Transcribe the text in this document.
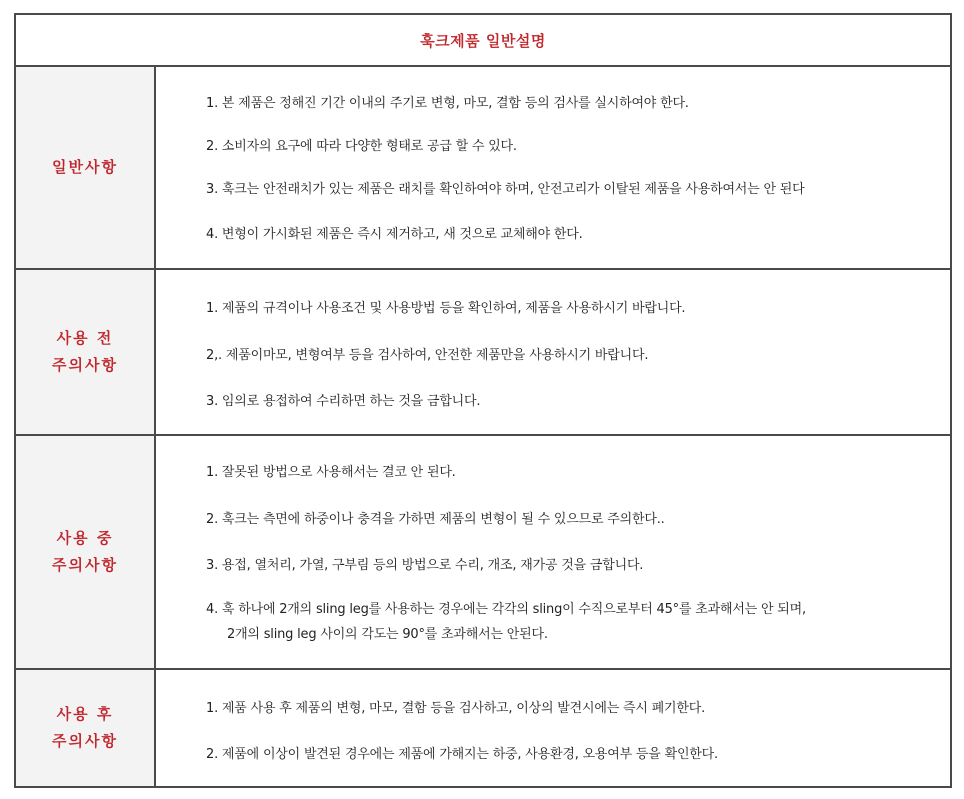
훅크제품 일반설명
일반사항
1. 본 제품은 정해진 기간 이내의 주기로 변형, 마모, 결함 등의 검사를 실시하여야 한다.
2. 소비자의 요구에 따라 다양한 형태로 공급 할 수 있다.
3. 훅크는 안전래치가 있는 제품은 래치를 확인하여야 하며, 안전고리가 이탈된 제품을 사용하여서는 안 된다
4. 변형이 가시화된 제품은 즉시 제거하고, 새 것으로 교체해야 한다.
사용 전
주의사항
1. 제품의 규격이나 사용조건 및 사용방법 등을 확인하여, 제품을 사용하시기 바랍니다.
2,. 제품이마모, 변형여부 등을 검사하여, 안전한 제품만을 사용하시기 바랍니다.
3. 임의로 용접하여 수리하면 하는 것을 금합니다.
사용 중
주의사항
1. 잘못된 방법으로 사용해서는 결코 안 된다.
2. 훅크는 측면에 하중이나 충격을 가하면 제품의 변형이 될 수 있으므로 주의한다..
3. 용접, 열처리, 가열, 구부림 등의 방법으로 수리, 개조, 재가공 것을 금합니다.
4. 훅 하나에 2개의 sling leg를 사용하는 경우에는 각각의 sling이 수직으로부터 45°를 초과해서는 안 되며,
2개의 sling leg 사이의 각도는 90°를 초과해서는 안된다.
사용 후
주의사항
1. 제품 사용 후 제품의 변형, 마모, 결함 등을 검사하고, 이상의 발견시에는 즉시 폐기한다.
2. 제품에 이상이 발견된 경우에는 제품에 가해지는 하중, 사용환경, 오용여부 등을 확인한다.
